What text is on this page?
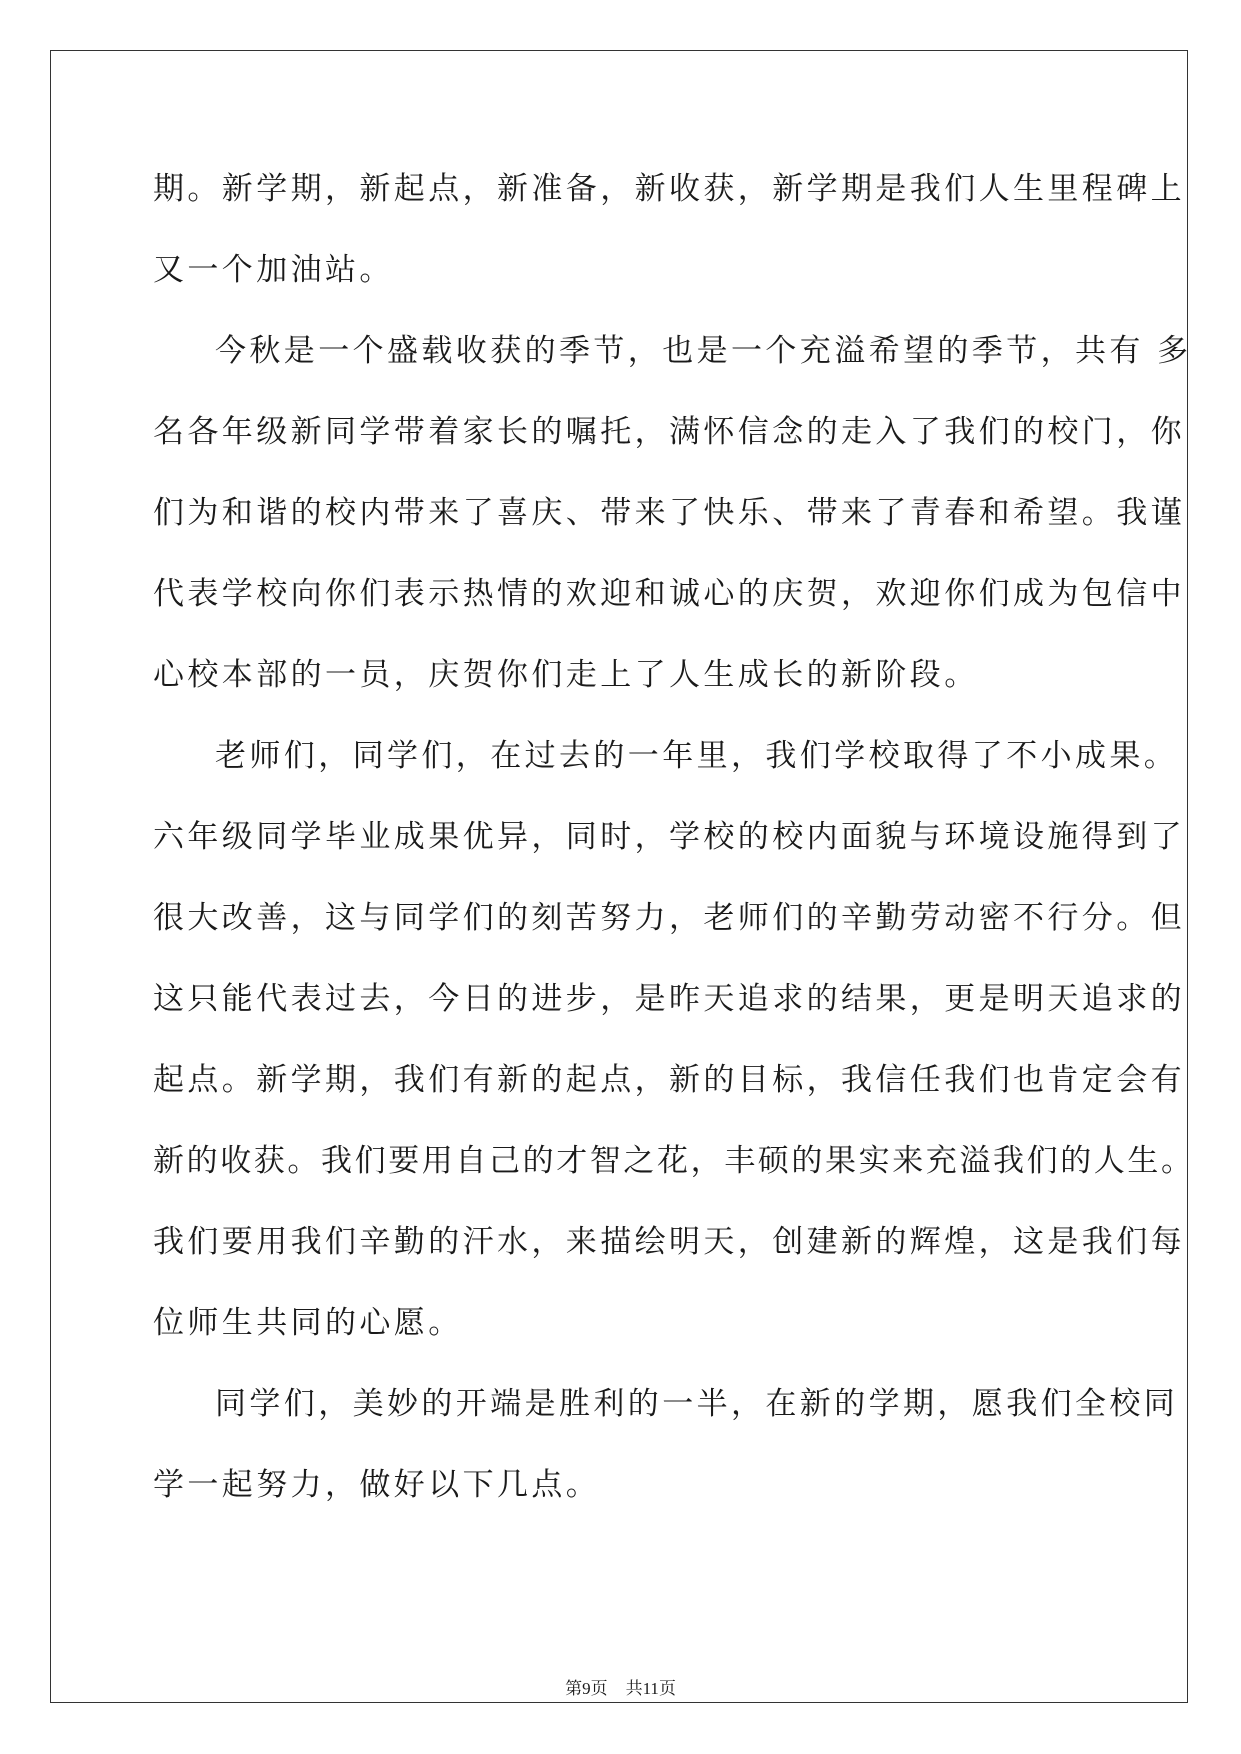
期。新学期，新起点，新准备，新收获，新学期是我们人生里程碑上
又一个加油站。
今秋是一个盛载收获的季节，也是一个充溢希望的季节，共有 多
名各年级新同学带着家长的嘱托，满怀信念的走入了我们的校门，你
们为和谐的校内带来了喜庆、带来了快乐、带来了青春和希望。我谨
代表学校向你们表示热情的欢迎和诚心的庆贺，欢迎你们成为包信中
心校本部的一员，庆贺你们走上了人生成长的新阶段。
老师们，同学们，在过去的一年里，我们学校取得了不小成果。
六年级同学毕业成果优异，同时，学校的校内面貌与环境设施得到了
很大改善，这与同学们的刻苦努力，老师们的辛勤劳动密不行分。但
这只能代表过去，今日的进步，是昨天追求的结果，更是明天追求的
起点。新学期，我们有新的起点，新的目标，我信任我们也肯定会有
新的收获。我们要用自己的才智之花，丰硕的果实来充溢我们的人生。
我们要用我们辛勤的汗水，来描绘明天，创建新的辉煌，这是我们每
位师生共同的心愿。
同学们，美妙的开端是胜利的一半，在新的学期，愿我们全校同
学一起努力，做好以下几点。
第9页 共11页
